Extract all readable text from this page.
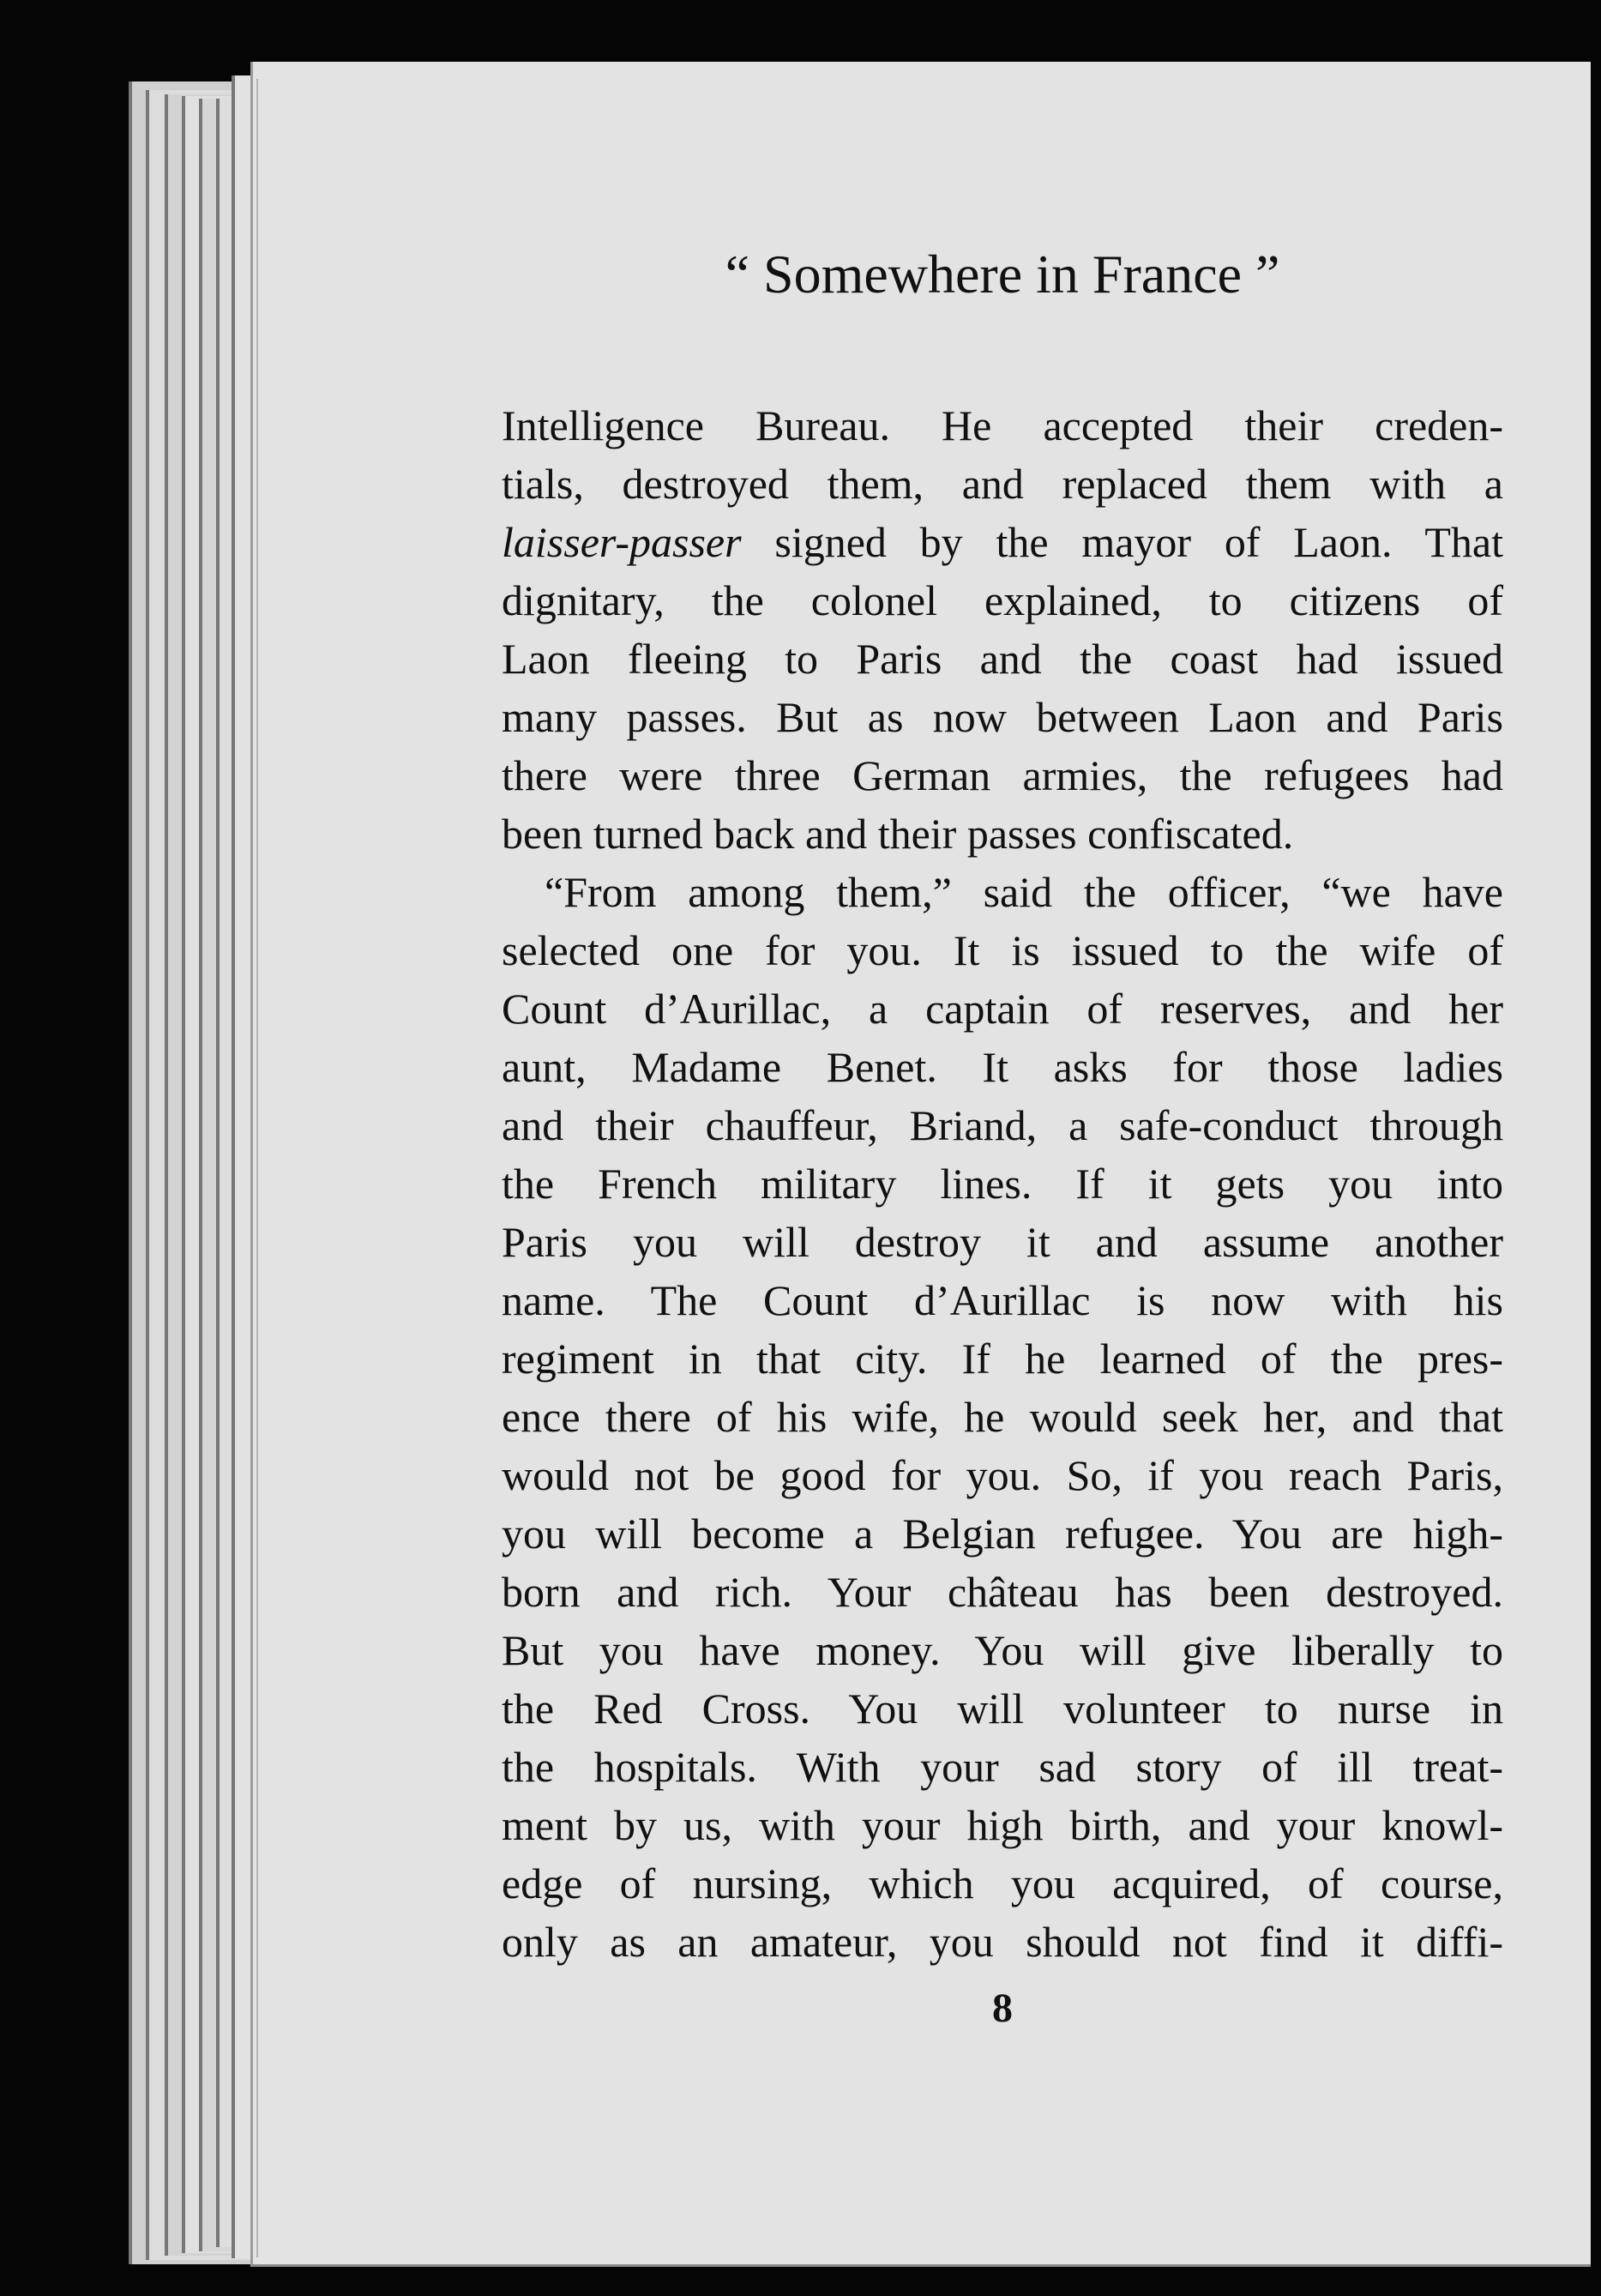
“ Somewhere in France ”
Intelligence Bureau. He accepted their creden-
tials, destroyed them, and replaced them with a
laisser-passer signed by the mayor of Laon. That
dignitary, the colonel explained, to citizens of
Laon fleeing to Paris and the coast had issued
many passes. But as now between Laon and Paris
there were three German armies, the refugees had
been turned back and their passes confiscated.
“From among them,” said the officer, “we have
selected one for you. It is issued to the wife of
Count d’Aurillac, a captain of reserves, and her
aunt, Madame Benet. It asks for those ladies
and their chauffeur, Briand, a safe-conduct through
the French military lines. If it gets you into
Paris you will destroy it and assume another
name. The Count d’Aurillac is now with his
regiment in that city. If he learned of the pres-
ence there of his wife, he would seek her, and that
would not be good for you. So, if you reach Paris,
you will become a Belgian refugee. You are high-
born and rich. Your château has been destroyed.
But you have money. You will give liberally to
the Red Cross. You will volunteer to nurse in
the hospitals. With your sad story of ill treat-
ment by us, with your high birth, and your knowl-
edge of nursing, which you acquired, of course,
only as an amateur, you should not find it diffi-
8
